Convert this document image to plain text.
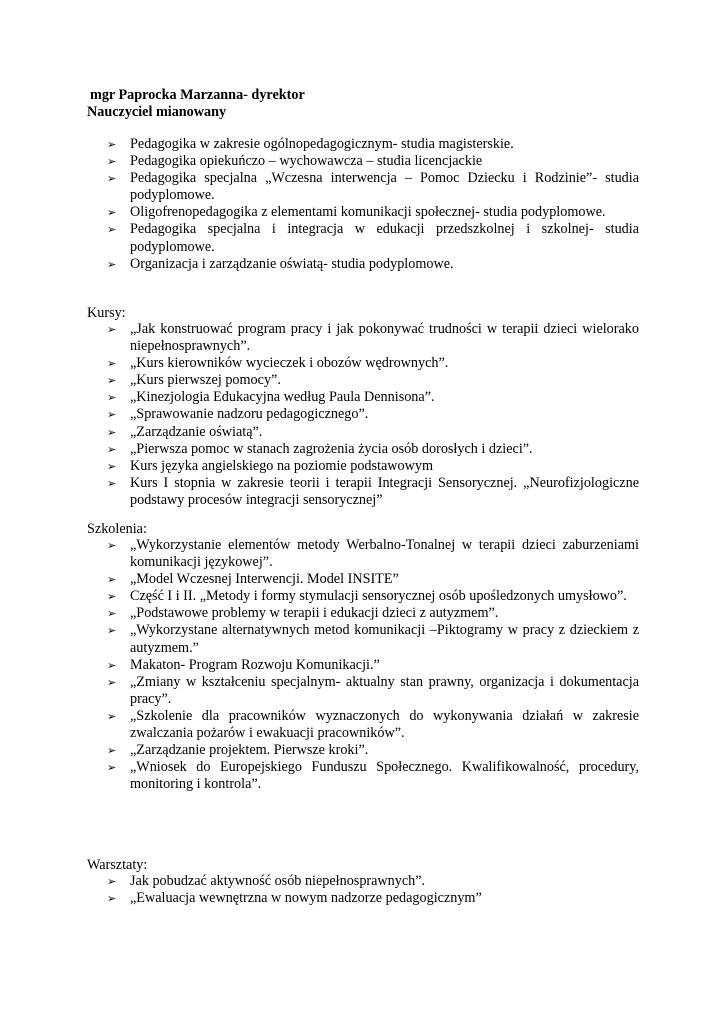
mgr Paprocka Marzanna- dyrektor
Nauczyciel mianowany
➢ Pedagogika w zakresie ogólnopedagogicznym- studia magisterskie.
➢ Pedagogika opiekuńczo – wychowawcza – studia licencjackie
➢ Pedagogika specjalna „Wczesna interwencja – Pomoc Dziecku i Rodzinie”- studia podyplomowe.
➢ Oligofrenopedagogika z elementami komunikacji społecznej- studia podyplomowe.
➢ Pedagogika specjalna i integracja w edukacji przedszkolnej i szkolnej- studia podyplomowe.
➢ Organizacja i zarządzanie oświatą- studia podyplomowe.
Kursy:
➢ „Jak konstruować program pracy i jak pokonywać trudności w terapii dzieci wielorako niepełnosprawnych”.
➢ „Kurs kierowników wycieczek i obozów wędrownych”.
➢ „Kurs pierwszej pomocy”.
➢ „Kinezjologia Edukacyjna według Paula Dennisona”.
➢ „Sprawowanie nadzoru pedagogicznego”.
➢ „Zarządzanie oświatą”.
➢ „Pierwsza pomoc w stanach zagrożenia życia osób dorosłych i dzieci”.
➢ Kurs języka angielskiego na poziomie podstawowym
➢ Kurs I stopnia w zakresie teorii i terapii Integracji Sensorycznej. „Neurofizjologiczne podstawy procesów integracji sensorycznej”
Szkolenia:
➢ „Wykorzystanie elementów metody Werbalno-Tonalnej w terapii dzieci zaburzeniami komunikacji językowej”.
➢ „Model Wczesnej Interwencji. Model INSITE”
➢ Część I i II. „Metody i formy stymulacji sensorycznej osób upośledzonych umysłowo”.
➢ „Podstawowe problemy w terapii i edukacji dzieci z autyzmem”.
➢ „Wykorzystane alternatywnych metod komunikacji –Piktogramy w pracy z dzieckiem z autyzmem.”
➢ Makaton- Program Rozwoju Komunikacji.”
➢ „Zmiany w kształceniu specjalnym- aktualny stan prawny, organizacja i dokumentacja pracy”.
➢ „Szkolenie dla pracowników wyznaczonych do wykonywania działań w zakresie zwalczania pożarów i ewakuacji pracowników”.
➢ „Zarządzanie projektem. Pierwsze kroki”.
➢ „Wniosek do Europejskiego Funduszu Społecznego. Kwalifikowalność, procedury, monitoring i kontrola”.
Warsztaty:
➢ Jak pobudzać aktywność osób niepełnosprawnych”.
➢ „Ewaluacja wewnętrzna w nowym nadzorze pedagogicznym”
